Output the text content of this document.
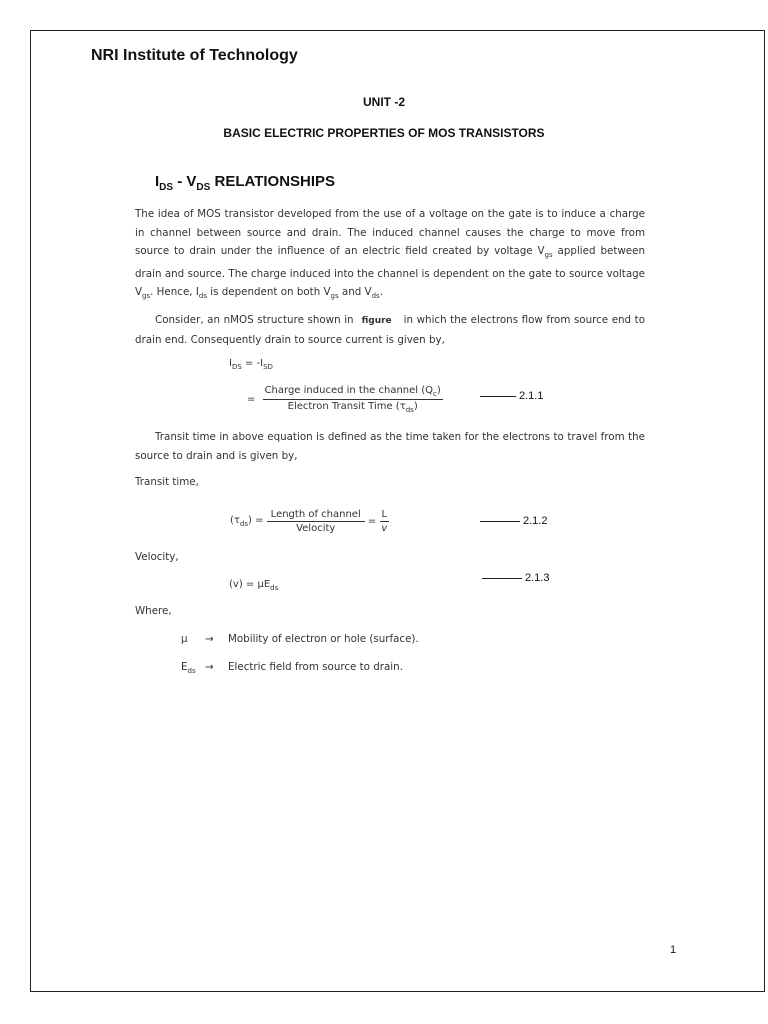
NRI Institute of Technology
UNIT -2
BASIC ELECTRIC PROPERTIES OF MOS TRANSISTORS
$I_{DS} - V_{DS}$ RELATIONSHIPS
The idea of MOS transistor developed from the use of a voltage on the gate is to induce a charge in channel between source and drain. The induced channel causes the charge to move from source to drain under the influence of an electric field created by voltage $V_{gs}$ applied between drain and source. The charge induced into the channel is dependent on the gate to source voltage $V_{gs}$. Hence, $I_{ds}$ is dependent on both $V_{gs}$ and $V_{ds}$.
Consider, an nMOS structure shown in figure in which the electrons flow from source end to drain end. Consequently drain to source current is given by,
$I_{DS} = -I_{SD}$
= $\frac{Charge induced in the channel (Q_c)}{Electron Transit Time (\tau_{ds})}$	2.1.1
Transit time in above equation is defined as the time taken for the electrons to travel from the source to drain and is given by,
Transit time,
$(\tau_{ds}) = \frac{\text{Length of channel}}{\text{Velocity}} = \frac{L}{v}$	2.1.2
Velocity,
$(v) = \mu E_{ds}$
2.1.3
Where,
μ → Mobility of electron or hole (surface).
$E_{ds}$ → Electric field from source to drain.
1
